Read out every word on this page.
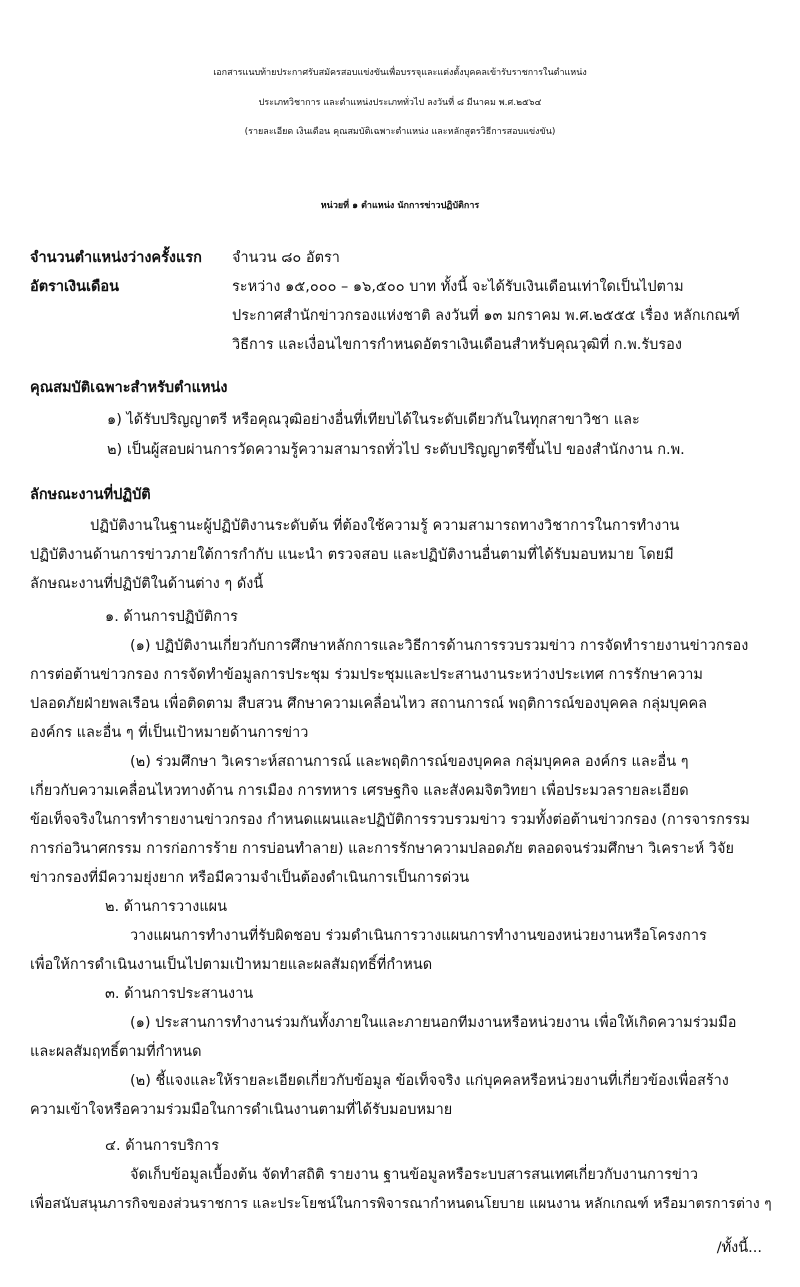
เอกสารแนบท้ายประกาศรับสมัครสอบแข่งขันเพื่อบรรจุและแต่งตั้งบุคคลเข้ารับราชการในตำแหน่ง
ประเภทวิชาการ และตำแหน่งประเภททั่วไป ลงวันที่ ๘ มีนาคม พ.ศ.๒๕๖๔
(รายละเอียด เงินเดือน คุณสมบัติเฉพาะตำแหน่ง และหลักสูตรวิธีการสอบแข่งขัน)
หน่วยที่ ๑ ตำแหน่ง นักการข่าวปฏิบัติการ
จำนวนตำแหน่งว่างครั้งแรก จำนวน ๘๐ อัตรา
อัตราเงินเดือน	ระหว่าง ๑๕,๐๐๐ – ๑๖,๕๐๐ บาท ทั้งนี้ จะได้รับเงินเดือนเท่าใดเป็นไปตาม
ประกาศสำนักข่าวกรองแห่งชาติ ลงวันที่ ๑๓ มกราคม พ.ศ.๒๕๕๕ เรื่อง หลักเกณฑ์
วิธีการ และเงื่อนไขการกำหนดอัตราเงินเดือนสำหรับคุณวุฒิที่ ก.พ.รับรอง
คุณสมบัติเฉพาะสำหรับตำแหน่ง
๑) ได้รับปริญญาตรี หรือคุณวุฒิอย่างอื่นที่เทียบได้ในระดับเดียวกันในทุกสาขาวิชา และ
๒) เป็นผู้สอบผ่านการวัดความรู้ความสามารถทั่วไป ระดับปริญญาตรีขึ้นไป ของสำนักงาน ก.พ.
ลักษณะงานที่ปฏิบัติ
ปฏิบัติงานในฐานะผู้ปฏิบัติงานระดับต้น ที่ต้องใช้ความรู้ ความสามารถทางวิชาการในการทำงาน
ปฏิบัติงานด้านการข่าวภายใต้การกำกับ แนะนำ ตรวจสอบ และปฏิบัติงานอื่นตามที่ได้รับมอบหมาย โดยมี
ลักษณะงานที่ปฏิบัติในด้านต่าง ๆ ดังนี้
๑. ด้านการปฏิบัติการ
(๑) ปฏิบัติงานเกี่ยวกับการศึกษาหลักการและวิธีการด้านการรวบรวมข่าว การจัดทำรายงานข่าวกรอง
การต่อต้านข่าวกรอง การจัดทำข้อมูลการประชุม ร่วมประชุมและประสานงานระหว่างประเทศ การรักษาความ
ปลอดภัยฝ่ายพลเรือน เพื่อติดตาม สืบสวน ศึกษาความเคลื่อนไหว สถานการณ์ พฤติการณ์ของบุคคล กลุ่มบุคคล
องค์กร และอื่น ๆ ที่เป็นเป้าหมายด้านการข่าว
(๒) ร่วมศึกษา วิเคราะห์สถานการณ์ และพฤติการณ์ของบุคคล กลุ่มบุคคล องค์กร และอื่น ๆ
เกี่ยวกับความเคลื่อนไหวทางด้าน การเมือง การทหาร เศรษฐกิจ และสังคมจิตวิทยา เพื่อประมวลรายละเอียด
ข้อเท็จจริงในการทำรายงานข่าวกรอง กำหนดแผนและปฏิบัติการรวบรวมข่าว รวมทั้งต่อต้านข่าวกรอง (การจารกรรม
การก่อวินาศกรรม การก่อการร้าย การบ่อนทำลาย) และการรักษาความปลอดภัย ตลอดจนร่วมศึกษา วิเคราะห์ วิจัย
ข่าวกรองที่มีความยุ่งยาก หรือมีความจำเป็นต้องดำเนินการเป็นการด่วน
๒. ด้านการวางแผน
วางแผนการทำงานที่รับผิดชอบ ร่วมดำเนินการวางแผนการทำงานของหน่วยงานหรือโครงการ
เพื่อให้การดำเนินงานเป็นไปตามเป้าหมายและผลสัมฤทธิ์ที่กำหนด
๓. ด้านการประสานงาน
(๑) ประสานการทำงานร่วมกันทั้งภายในและภายนอกทีมงานหรือหน่วยงาน เพื่อให้เกิดความร่วมมือ
และผลสัมฤทธิ์ตามที่กำหนด
(๒) ชี้แจงและให้รายละเอียดเกี่ยวกับข้อมูล ข้อเท็จจริง แก่บุคคลหรือหน่วยงานที่เกี่ยวข้องเพื่อสร้าง
ความเข้าใจหรือความร่วมมือในการดำเนินงานตามที่ได้รับมอบหมาย
๔. ด้านการบริการ
จัดเก็บข้อมูลเบื้องต้น จัดทำสถิติ รายงาน ฐานข้อมูลหรือระบบสารสนเทศเกี่ยวกับงานการข่าว
เพื่อสนับสนุนภารกิจของส่วนราชการ และประโยชน์ในการพิจารณากำหนดนโยบาย แผนงาน หลักเกณฑ์ หรือมาตรการต่าง ๆ
/ทั้งนี้...
